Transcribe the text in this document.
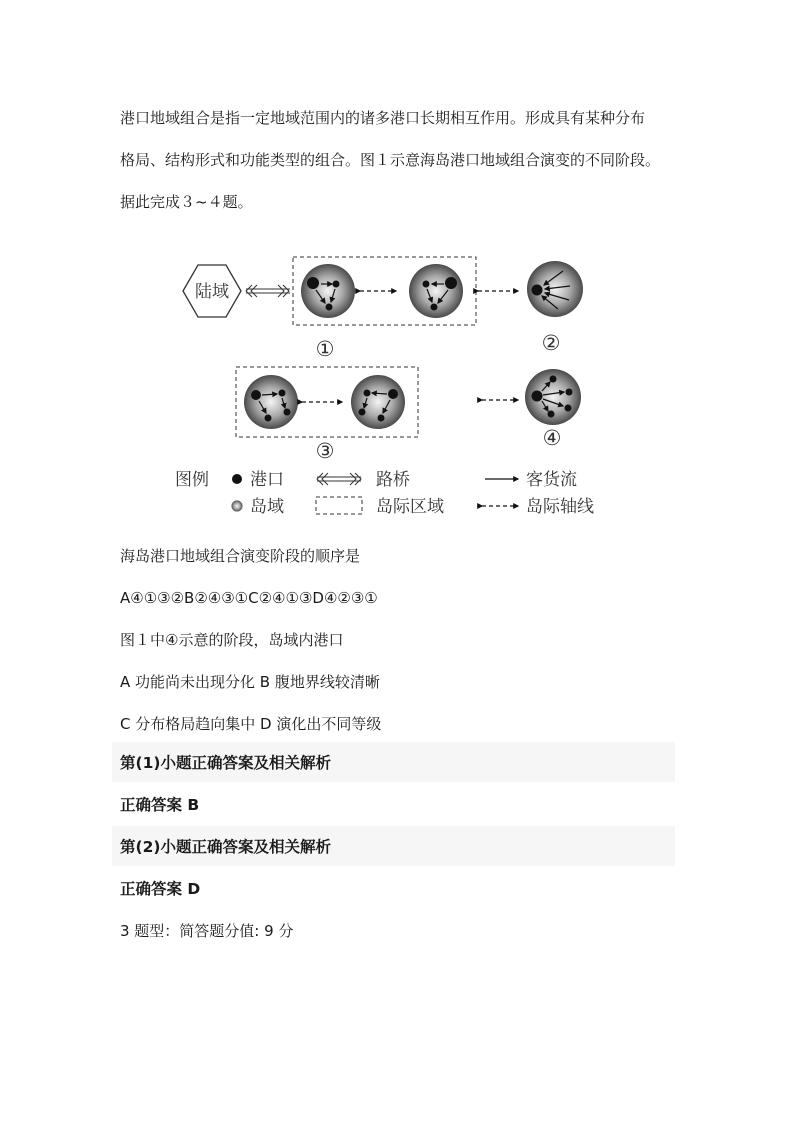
港口地域组合是指一定地域范围内的诸多港口长期相互作用。形成具有某种分布
格局、结构形式和功能类型的组合。图１示意海岛港口地域组合演变的不同阶段。
据此完成３~４题。
陆域
①	②
③
④
图例 港口
岛域
路桥
岛际区域
客货流
岛际轴线
海岛港口地域组合演变阶段的顺序是
A④①③②B②④③①C②④①③D④②③①
图１中④示意的阶段，岛域内港口
A 功能尚未出现分化 B 腹地界线较清晰
C 分布格局趋向集中 D 演化出不同等级
第(1)小题正确答案及相关解析
正确答案 B
第(2)小题正确答案及相关解析
正确答案 D
3 题型：简答题分值: 9 分
